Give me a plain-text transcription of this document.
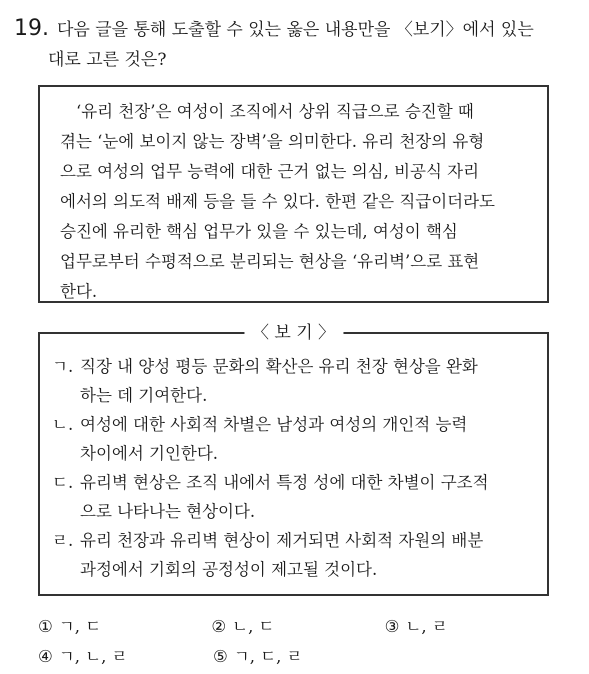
19. 다음 글을 통해 도출할 수 있는 옳은 내용만을 〈보기〉에서 있는
대로 고른 것은?
‘유리 천장’은 여성이 조직에서 상위 직급으로 승진할 때
겪는 ‘눈에 보이지 않는 장벽’을 의미한다. 유리 천장의 유형
으로 여성의 업무 능력에 대한 근거 없는 의심, 비공식 자리
에서의 의도적 배제 등을 들 수 있다. 한편 같은 직급이더라도
승진에 유리한 핵심 업무가 있을 수 있는데, 여성이 핵심
업무로부터 수평적으로 분리되는 현상을 ‘유리벽’으로 표현
한다.
〈 보 기 〉
ㄱ. 직장 내 양성 평등 문화의 확산은 유리 천장 현상을 완화
하는 데 기여한다.
ㄴ. 여성에 대한 사회적 차별은 남성과 여성의 개인적 능력
차이에서 기인한다.
ㄷ. 유리벽 현상은 조직 내에서 특정 성에 대한 차별이 구조적
으로 나타나는 현상이다.
ㄹ. 유리 천장과 유리벽 현상이 제거되면 사회적 자원의 배분
과정에서 기회의 공정성이 제고될 것이다.
① ㄱ, ㄷ	② ㄴ, ㄷ	③ ㄴ, ㄹ
④ ㄱ, ㄴ, ㄹ	⑤ ㄱ, ㄷ, ㄹ
